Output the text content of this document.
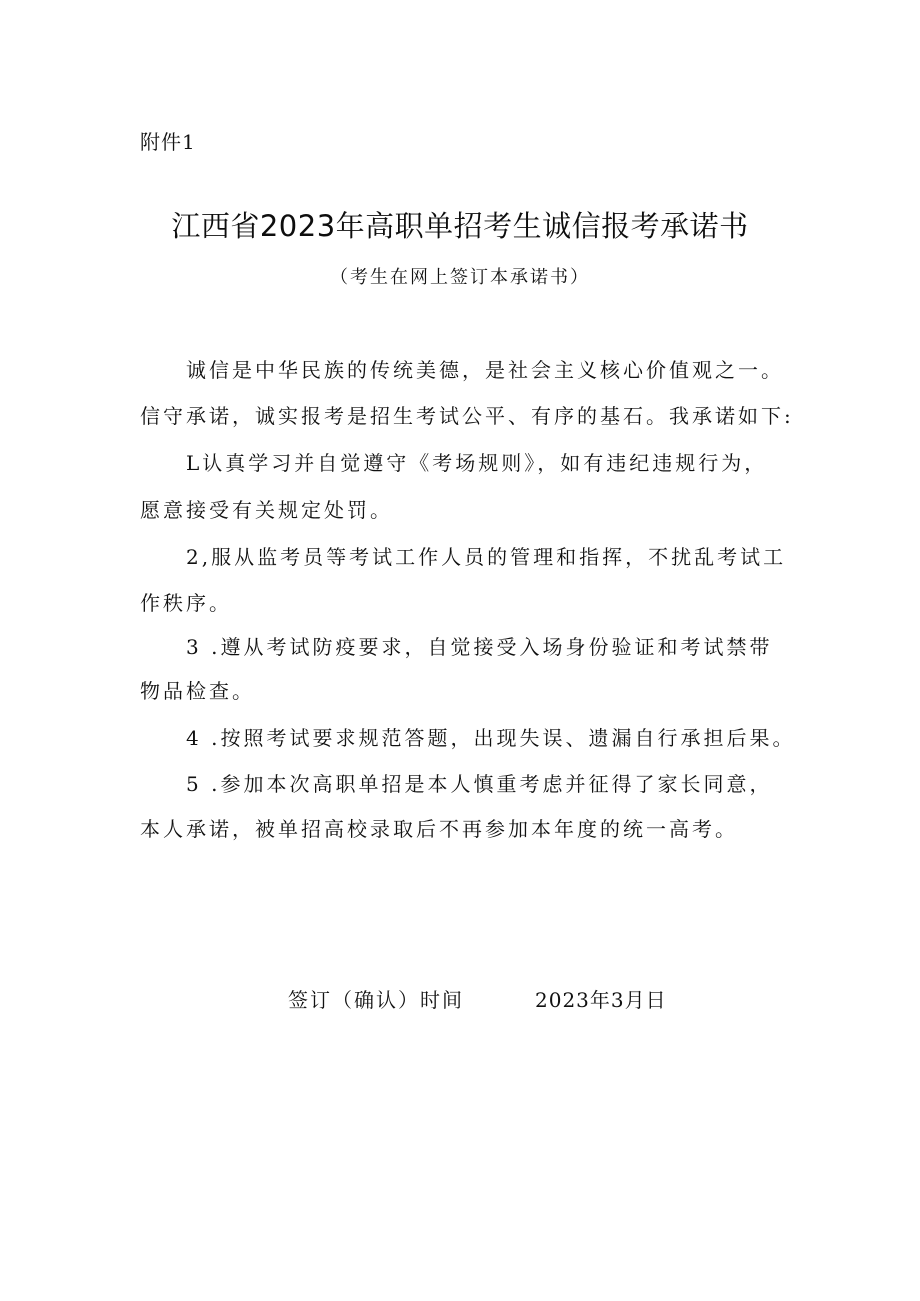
附件1
江西省2023年高职单招考生诚信报考承诺书
（考生在网上签订本承诺书）
诚信是中华民族的传统美德，是社会主义核心价值观之一。
信守承诺，诚实报考是招生考试公平、有序的基石。我承诺如下:
L认真学习并自觉遵守《考场规则》，如有违纪违规行为，
愿意接受有关规定处罚。
2,服从监考员等考试工作人员的管理和指挥，不扰乱考试工
作秩序。
3 .遵从考试防疫要求，自觉接受入场身份验证和考试禁带
物品检查。
4 .按照考试要求规范答题，出现失误、遗漏自行承担后果。
5 .参加本次高职单招是本人慎重考虑并征得了家长同意，
本人承诺，被单招高校录取后不再参加本年度的统一高考。
签订（确认）时间	2023年3月日
